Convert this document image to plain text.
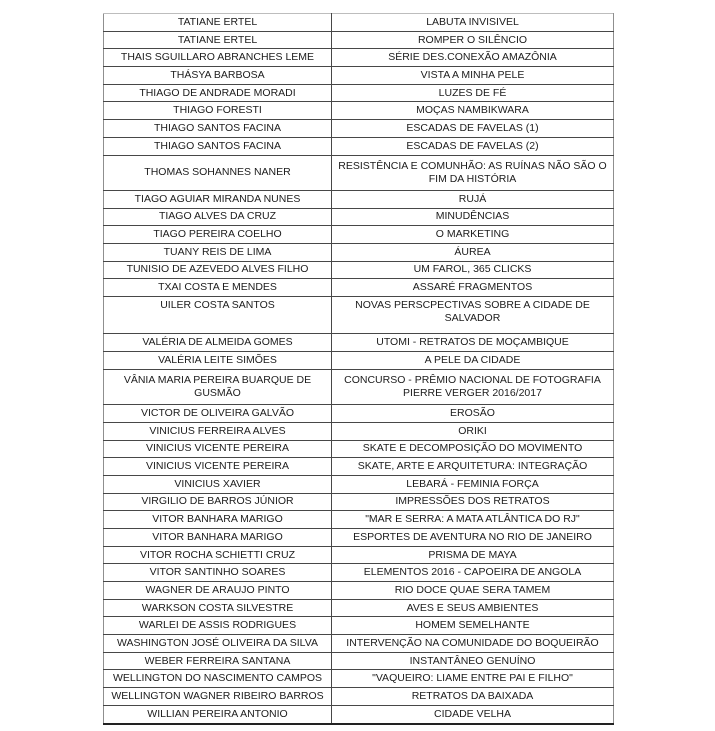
TATIANE ERTEL	LABUTA INVISIVEL
TATIANE ERTEL	ROMPER O SILÊNCIO
THAIS SGUILLARO ABRANCHES LEME	SÉRIE DES.CONEXÃO AMAZÔNIA
THÁSYA BARBOSA	VISTA A MINHA PELE
THIAGO DE ANDRADE MORADI	LUZES DE FÉ
THIAGO FORESTI	MOÇAS NAMBIKWARA
THIAGO SANTOS FACINA	ESCADAS DE FAVELAS (1)
THIAGO SANTOS FACINA	ESCADAS DE FAVELAS (2)
THOMAS SOHANNES NANER	RESISTÊNCIA E COMUNHÃO: AS RUÍNAS NÃO SÃO O FIM DA HISTÓRIA
TIAGO AGUIAR MIRANDA NUNES	RUJÁ
TIAGO ALVES DA CRUZ	MINUDÊNCIAS
TIAGO PEREIRA COELHO	O MARKETING
TUANY REIS DE LIMA	ÁUREA
TUNISIO DE AZEVEDO ALVES FILHO	UM FAROL, 365 CLICKS
TXAI COSTA E MENDES	ASSARÉ FRAGMENTOS
UILER COSTA SANTOS	NOVAS PERSCPECTIVAS SOBRE A CIDADE DE SALVADOR
VALÉRIA DE ALMEIDA GOMES	UTOMI - RETRATOS DE MOÇAMBIQUE
VALÉRIA LEITE SIMÕES	A PELE DA CIDADE
VÂNIA MARIA PEREIRA BUARQUE DE GUSMÃO	CONCURSO - PRÊMIO NACIONAL DE FOTOGRAFIA PIERRE VERGER 2016/2017
VICTOR DE OLIVEIRA GALVÃO	EROSÃO
VINICIUS FERREIRA ALVES	ORIKI
VINICIUS VICENTE PEREIRA	SKATE E DECOMPOSIÇÃO DO MOVIMENTO
VINICIUS VICENTE PEREIRA	SKATE, ARTE E ARQUITETURA: INTEGRAÇÃO
VINICIUS XAVIER	LEBARÁ - FEMINIA FORÇA
VIRGILIO DE BARROS JÚNIOR	IMPRESSÕES DOS RETRATOS
VITOR BANHARA MARIGO	"MAR E SERRA: A MATA ATLÂNTICA DO RJ"
VITOR BANHARA MARIGO	ESPORTES DE AVENTURA NO RIO DE JANEIRO
VITOR ROCHA SCHIETTI CRUZ	PRISMA DE MAYA
VITOR SANTINHO SOARES	ELEMENTOS 2016 - CAPOEIRA DE ANGOLA
WAGNER DE ARAUJO PINTO	RIO DOCE QUAE SERA TAMEM
WARKSON COSTA SILVESTRE	AVES E SEUS AMBIENTES
WARLEI DE ASSIS RODRIGUES	HOMEM SEMELHANTE
WASHINGTON JOSÉ OLIVEIRA DA SILVA	INTERVENÇÃO NA COMUNIDADE DO BOQUEIRÃO
WEBER FERREIRA SANTANA	INSTANTÂNEO GENUÍNO
WELLINGTON DO NASCIMENTO CAMPOS	"VAQUEIRO: LIAME ENTRE PAI E FILHO"
WELLINGTON WAGNER RIBEIRO BARROS	RETRATOS DA BAIXADA
WILLIAN PEREIRA ANTONIO	CIDADE VELHA
